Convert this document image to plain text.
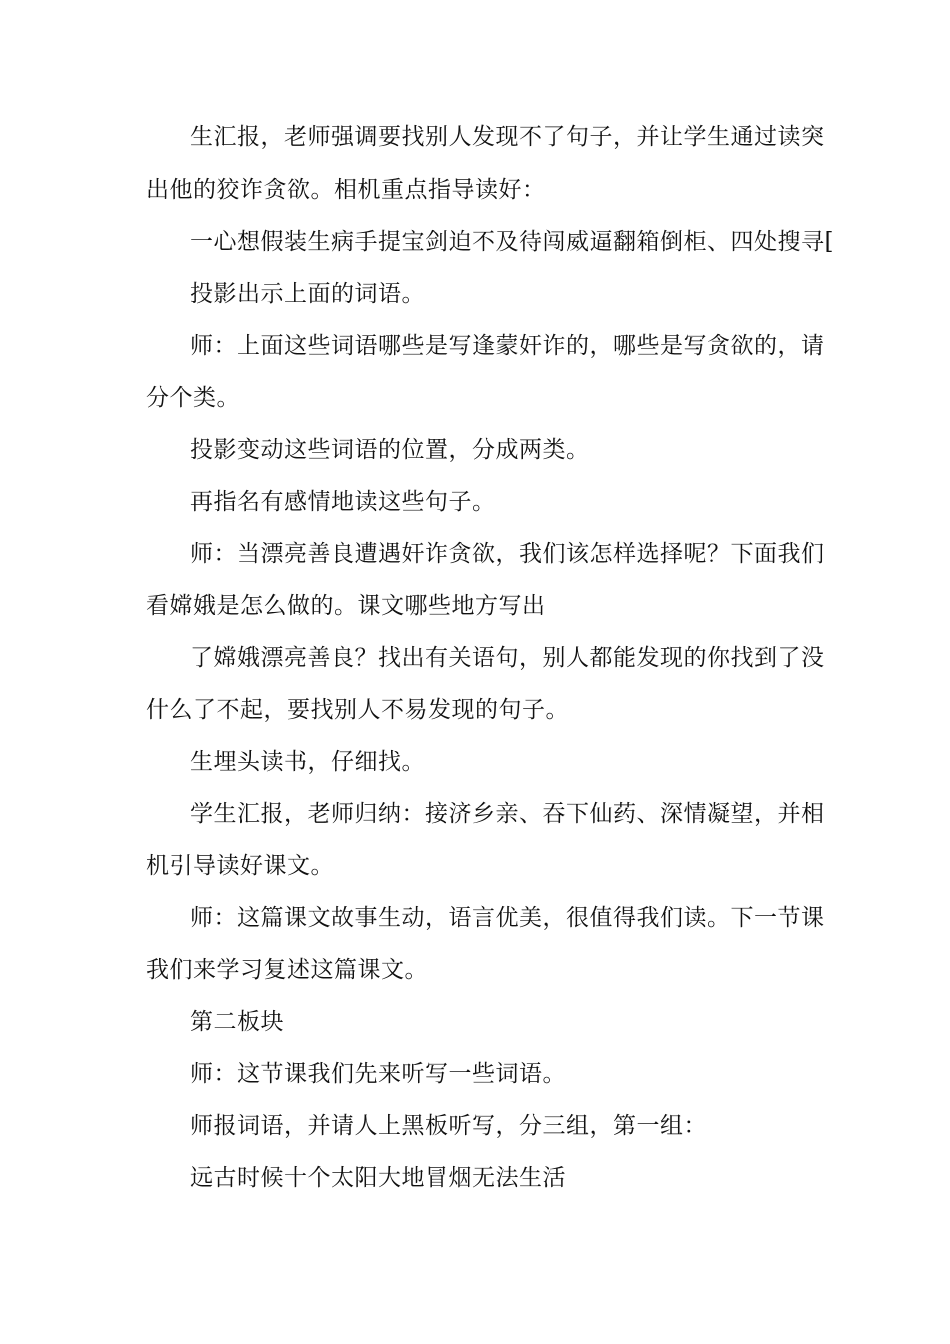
生汇报，老师强调要找别人发现不了句子，并让学生通过读突
出他的狡诈贪欲。相机重点指导读好：
一心想假装生病手提宝剑迫不及待闯威逼翻箱倒柜、四处搜寻[
投影出示上面的词语。
师：上面这些词语哪些是写逢蒙奸诈的，哪些是写贪欲的，请
分个类。
投影变动这些词语的位置，分成两类。
再指名有感情地读这些句子。
师：当漂亮善良遭遇奸诈贪欲，我们该怎样选择呢？下面我们
看嫦娥是怎么做的。课文哪些地方写出
了嫦娥漂亮善良？找出有关语句，别人都能发现的你找到了没
什么了不起，要找别人不易发现的句子。
生埋头读书，仔细找。
学生汇报，老师归纳：接济乡亲、吞下仙药、深情凝望，并相
机引导读好课文。
师：这篇课文故事生动，语言优美，很值得我们读。下一节课
我们来学习复述这篇课文。
第二板块
师：这节课我们先来听写一些词语。
师报词语，并请人上黑板听写，分三组，第一组：
远古时候十个太阳大地冒烟无法生活
